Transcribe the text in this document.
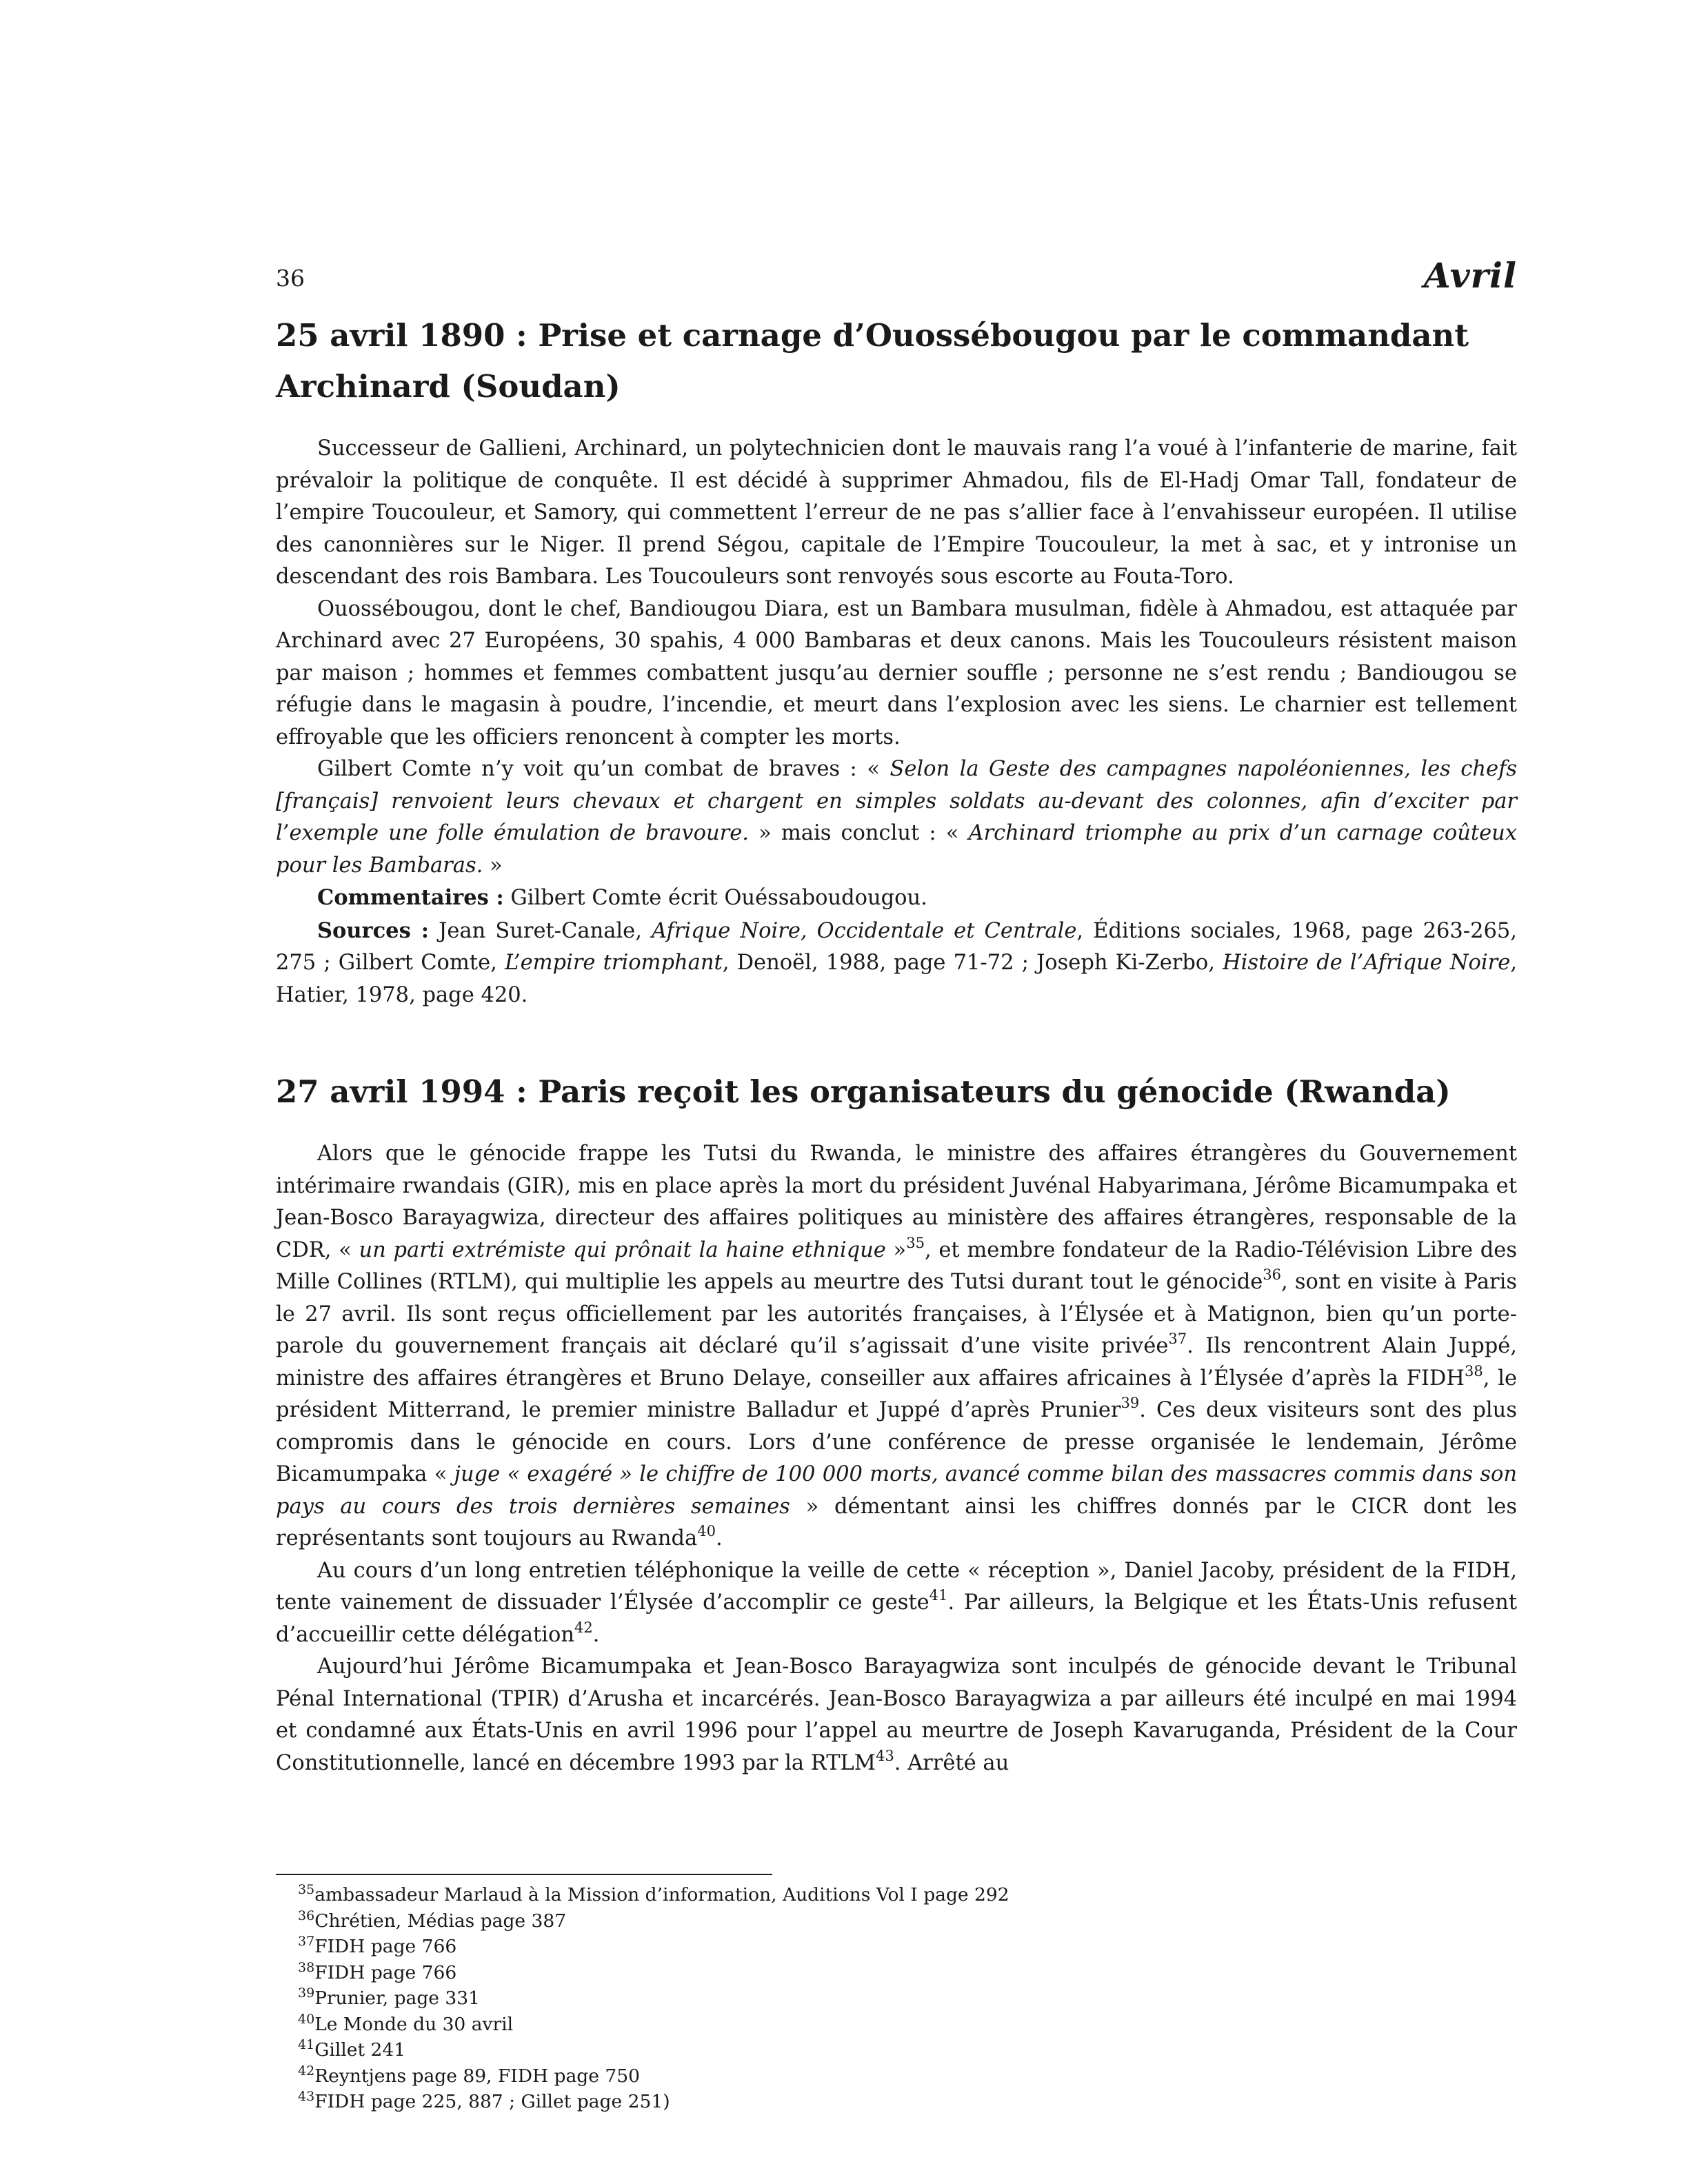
36	Avril
25 avril 1890 : Prise et carnage d’Ouossébougou par le commandant Archinard (Soudan)

Successeur de Gallieni, Archinard, un polytechnicien dont le mauvais rang l’a voué à l’infanterie de marine, fait prévaloir la politique de conquête. Il est décidé à supprimer Ahmadou, fils de El-Hadj Omar Tall, fondateur de l’empire Toucouleur, et Samory, qui commettent l’erreur de ne pas s’allier face à l’envahisseur européen. Il utilise des canonnières sur le Niger. Il prend Ségou, capitale de l’Empire Toucouleur, la met à sac, et y intronise un descendant des rois Bambara. Les Toucouleurs sont renvoyés sous escorte au Fouta-Toro.

Ouossébougou, dont le chef, Bandiougou Diara, est un Bambara musulman, fidèle à Ahmadou, est attaquée par Archinard avec 27 Européens, 30 spahis, 4 000 Bambaras et deux canons. Mais les Toucouleurs résistent maison par maison ; hommes et femmes combattent jusqu’au dernier souffle ; personne ne s’est rendu ; Bandiougou se réfugie dans le magasin à poudre, l’incendie, et meurt dans l’explosion avec les siens. Le charnier est tellement effroyable que les officiers renoncent à compter les morts.

Gilbert Comte n’y voit qu’un combat de braves : « Selon la Geste des campagnes napoléoniennes, les chefs [français] renvoient leurs chevaux et chargent en simples soldats au-devant des colonnes, afin d’exciter par l’exemple une folle émulation de bravoure. » mais conclut : « Archinard triomphe au prix d’un carnage coûteux pour les Bambaras. »

Commentaires : Gilbert Comte écrit Ouéssaboudougou.

Sources : Jean Suret-Canale, Afrique Noire, Occidentale et Centrale, Éditions sociales, 1968, page 263-265, 275 ; Gilbert Comte, L’empire triomphant, Denoël, 1988, page 71-72 ; Joseph Ki-Zerbo, Histoire de l’Afrique Noire, Hatier, 1978, page 420.

27 avril 1994 : Paris reçoit les organisateurs du génocide (Rwanda)

Alors que le génocide frappe les Tutsi du Rwanda, le ministre des affaires étrangères du Gouvernement intérimaire rwandais (GIR), mis en place après la mort du président Juvénal Habyarimana, Jérôme Bicamumpaka et Jean-Bosco Barayagwiza, directeur des affaires politiques au ministère des affaires étrangères, responsable de la CDR, « un parti extrémiste qui prônait la haine ethnique »$^{35}$, et membre fondateur de la Radio-Télévision Libre des Mille Collines (RTLM), qui multiplie les appels au meurtre des Tutsi durant tout le génocide$^{36}$, sont en visite à Paris le 27 avril. Ils sont reçus officiellement par les autorités françaises, à l’Élysée et à Matignon, bien qu’un porte-parole du gouvernement français ait déclaré qu’il s’agissait d’une visite privée$^{37}$. Ils rencontrent Alain Juppé, ministre des affaires étrangères et Bruno Delaye, conseiller aux affaires africaines à l’Élysée d’après la FIDH$^{38}$, le président Mitterrand, le premier ministre Balladur et Juppé d’après Prunier$^{39}$. Ces deux visiteurs sont des plus compromis dans le génocide en cours. Lors d’une conférence de presse organisée le lendemain, Jérôme Bicamumpaka « juge « exagéré » le chiffre de 100 000 morts, avancé comme bilan des massacres commis dans son pays au cours des trois dernières semaines » démentant ainsi les chiffres donnés par le CICR dont les représentants sont toujours au Rwanda$^{40}$.

Au cours d’un long entretien téléphonique la veille de cette « réception », Daniel Jacoby, président de la FIDH, tente vainement de dissuader l’Élysée d’accomplir ce geste$^{41}$. Par ailleurs, la Belgique et les États-Unis refusent d’accueillir cette délégation$^{42}$.

Aujourd’hui Jérôme Bicamumpaka et Jean-Bosco Barayagwiza sont inculpés de génocide devant le Tribunal Pénal International (TPIR) d’Arusha et incarcérés. Jean-Bosco Barayagwiza a par ailleurs été inculpé en mai 1994 et condamné aux États-Unis en avril 1996 pour l’appel au meurtre de Joseph Kavaruganda, Président de la Cour Constitutionnelle, lancé en décembre 1993 par la RTLM$^{43}$. Arrêté au

$^{35}$ambassadeur Marlaud à la Mission d’information, Auditions Vol I page 292
$^{36}$Chrétien, Médias page 387
$^{37}$FIDH page 766
$^{38}$FIDH page 766
$^{39}$Prunier, page 331
$^{40}$Le Monde du 30 avril
$^{41}$Gillet 241
$^{42}$Reyntjens page 89, FIDH page 750
$^{43}$FIDH page 225, 887 ; Gillet page 251)
